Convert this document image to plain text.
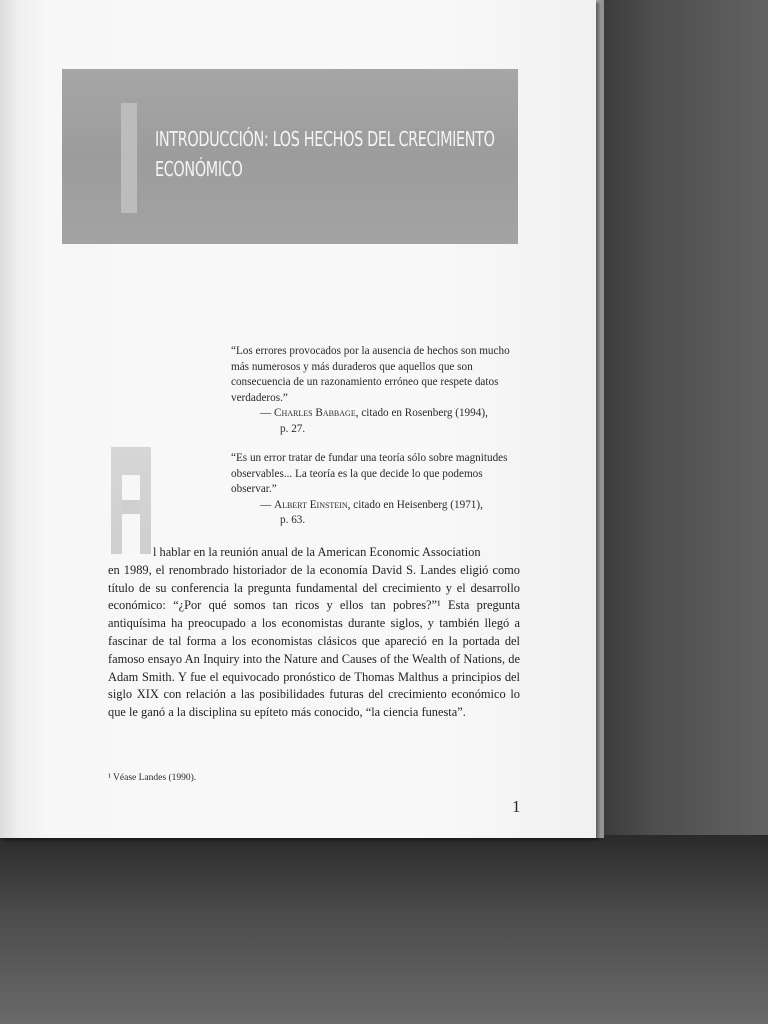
INTRODUCCIÓN: LOS HECHOS DEL CRECIMIENTO
ECONÓMICO

“Los errores provocados por la ausencia de hechos son mucho más numerosos y más duraderos que aquellos que son consecuencia de un razonamiento erróneo que respete datos verdaderos.”

— Charles Babbage, citado en Rosenberg (1994),
p. 27.

“Es un error tratar de fundar una teoría sólo sobre magnitudes observables... La teoría es la que decide lo que podemos observar.”

— Albert Einstein, citado en Heisenberg (1971),
p. 63.

l hablar en la reunión anual de la American Economic Association
en 1989, el renombrado historiador de la economía David S. Landes eligió como título de su conferencia la pregunta fundamental del crecimiento y el desarrollo económico: “¿Por qué somos tan ricos y ellos tan pobres?”¹ Esta pregunta antiquísima ha preocupado a los economistas durante siglos, y también llegó a fascinar de tal forma a los economistas clásicos que apareció en la portada del famoso ensayo An Inquiry into the Nature and Causes of the Wealth of Nations, de Adam Smith. Y fue el equivocado pronóstico de Thomas Malthus a principios del siglo XIX con relación a las posibilidades futuras del crecimiento económico lo que le ganó a la disciplina su epíteto más conocido, “la ciencia funesta”.
¹ Véase Landes (1990).
1
